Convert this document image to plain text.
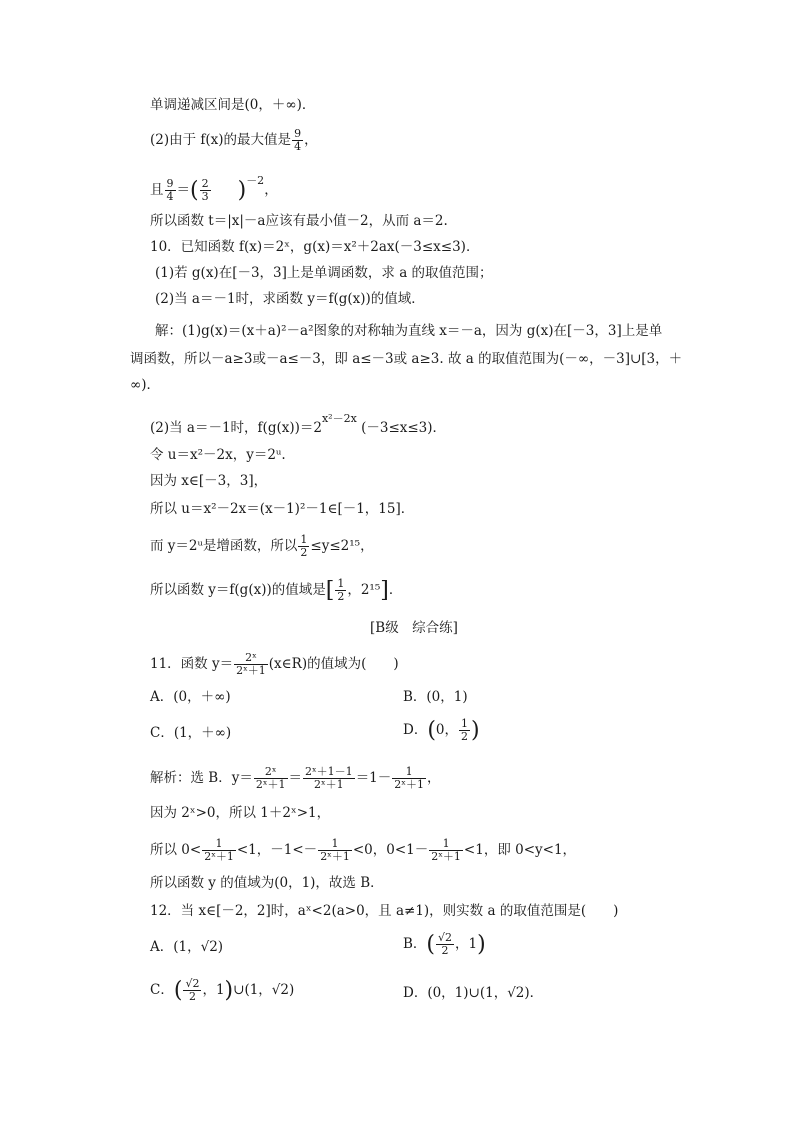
单调递减区间是(0，＋∞)．
(2)由于 f(x)的最大值是 $\frac{9}{4}$ ，
且 $\frac{9}{4}$ ＝( $\frac{2}{3} )^{-2}$，
所以函数 t＝|x|－a应该有最小值－2，从而 a＝2.
10．已知函数 f(x)＝2ˣ，g(x)＝x²＋2ax(－3≤x≤3)．
(1)若 g(x)在[－3，3]上是单调函数，求 a 的取值范围；
(2)当 a＝－1时，求函数 y＝f(g(x))的值域．
解：(1)g(x)＝(x＋a)²－a²图象的对称轴为直线 x＝－a，因为 g(x)在[－3，3]上是单
调函数，所以－a≥3或－a≤－3，即 a≤－3或 a≥3. 故 a 的取值范围为(－∞，－3]∪[3，＋
∞)．
(2)当 a＝－1时，$f(g(x))=2^{x^2-2x}$ (－3≤x≤3)．
令 u＝x²－2x，y＝2ᵘ.
因为 x∈[－3，3]，
所以 u＝x²－2x＝(x－1)²－1∈[－1，15]．
而 y＝2ᵘ是增函数，所以 $\frac{1}{2} \le y\le 2^{15}$，
所以函数 y＝f(g(x))的值域是[ $\frac{1}{2}$ ，2¹⁵]．
[B级　综合练]
11．函数 $y= \frac{\text{2ˣ}}{\text{2ˣ＋1}}$ (x∈R)的值域为(　　)
A．(0，＋∞)	B．(0，1)
C．(1，＋∞)	D．(0， $\frac{1}{2}$ )
解析：选 B．$y= \frac{\text{2ˣ}}{\text{2ˣ＋1}} = \frac{\text{2ˣ＋1－1}}{\text{2ˣ＋1}} =1- \frac{1}{\text{2ˣ＋1}}$ ，
因为 2ˣ>0，所以 1＋2ˣ>1，
所以 $0< \frac{1}{\text{2ˣ＋1}} <1$，$-1<- \frac{1}{\text{2ˣ＋1}} <0$，$0<1- \frac{1}{\text{2ˣ＋1}} <1$，即 0<y<1，
所以函数 y 的值域为(0，1)，故选 B．
12．当 x∈[－2，2]时，aˣ<2(a>0，且 a≠1)，则实数 a 的取值范围是(　　)
A．(1，√2)	B．( $\frac{√2}{2}$ ，1)
C．( $\frac{√2}{2}$ ，1)∪(1，√2)	D．(0，1)∪(1，√2)．
